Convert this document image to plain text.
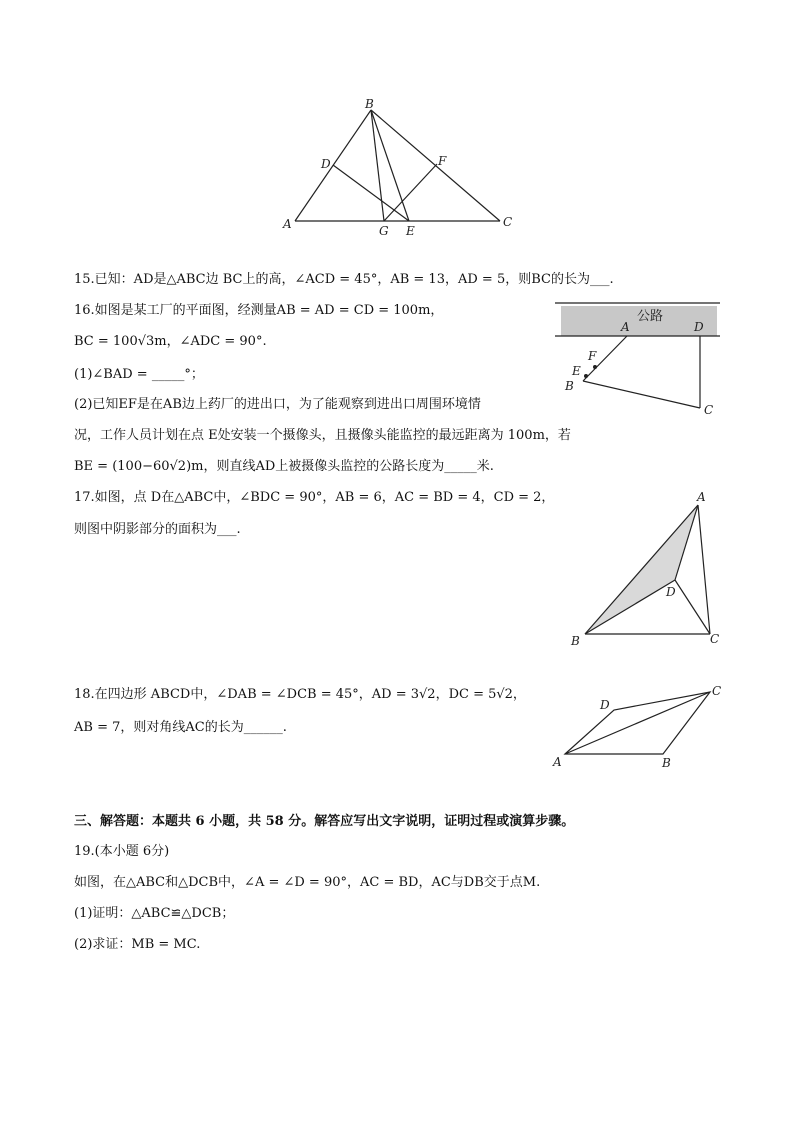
A
B
C
D
E
F
G
15.已知：AD是△ABC边 BC上的高，∠ACD = 45°，AB = 13，AD = 5，则BC的长为___.
16.如图是某工厂的平面图，经测量AB = AD = CD = 100m，
BC = 100√3m，∠ADC = 90°.
(1)∠BAD = _____°；
(2)已知EF是在AB边上药厂的进出口，为了能观察到进出口周围环境情
况，工作人员计划在点 E处安装一个摄像头，且摄像头能监控的最远距离为 100m，若
BE = (100−60√2)m，则直线AD上被摄像头监控的公路长度为_____米.
公路
A	D
F
E
B
C
17.如图，点 D在△ABC中，∠BDC = 90°，AB = 6，AC = BD = 4，CD = 2，
则图中阴影部分的面积为___.
A
D
B	C
18.在四边形 ABCD中，∠DAB = ∠DCB = 45°，AD = 3√2，DC = 5√2，
AB = 7，则对角线AC的长为______.
A	B
C
D
三、解答题：本题共 6 小题，共 58 分。解答应写出文字说明，证明过程或演算步骤。
19.(本小题 6分)
如图，在△ABC和△DCB中，∠A = ∠D = 90°，AC = BD，AC与DB交于点M.
(1)证明：△ABC≌△DCB；
(2)求证：MB = MC.
